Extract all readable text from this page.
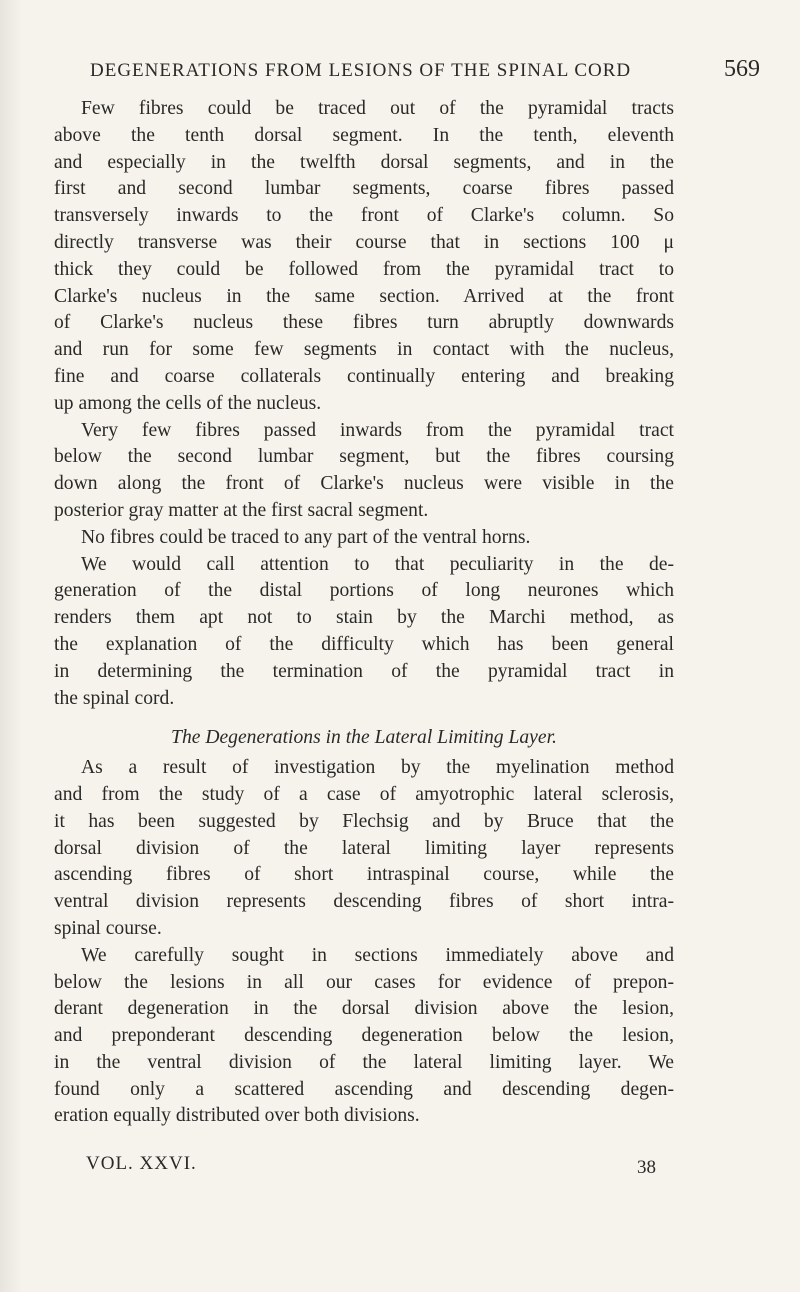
DEGENERATIONS FROM LESIONS OF THE SPINAL CORD	569
Few fibres could be traced out of the pyramidal tracts
above the tenth dorsal segment. In the tenth, eleventh
and especially in the twelfth dorsal segments, and in the
first and second lumbar segments, coarse fibres passed
transversely inwards to the front of Clarke's column. So
directly transverse was their course that in sections 100 μ
thick they could be followed from the pyramidal tract to
Clarke's nucleus in the same section. Arrived at the front
of Clarke's nucleus these fibres turn abruptly downwards
and run for some few segments in contact with the nucleus,
fine and coarse collaterals continually entering and breaking
up among the cells of the nucleus.
Very few fibres passed inwards from the pyramidal tract
below the second lumbar segment, but the fibres coursing
down along the front of Clarke's nucleus were visible in the
posterior gray matter at the first sacral segment.
No fibres could be traced to any part of the ventral horns.
We would call attention to that peculiarity in the de-
generation of the distal portions of long neurones which
renders them apt not to stain by the Marchi method, as
the explanation of the difficulty which has been general
in determining the termination of the pyramidal tract in
the spinal cord.
The Degenerations in the Lateral Limiting Layer.
As a result of investigation by the myelination method
and from the study of a case of amyotrophic lateral sclerosis,
it has been suggested by Flechsig and by Bruce that the
dorsal division of the lateral limiting layer represents
ascending fibres of short intraspinal course, while the
ventral division represents descending fibres of short intra-
spinal course.
We carefully sought in sections immediately above and
below the lesions in all our cases for evidence of prepon-
derant degeneration in the dorsal division above the lesion,
and preponderant descending degeneration below the lesion,
in the ventral division of the lateral limiting layer. We
found only a scattered ascending and descending degen-
eration equally distributed over both divisions.
VOL. XXVI.	38
